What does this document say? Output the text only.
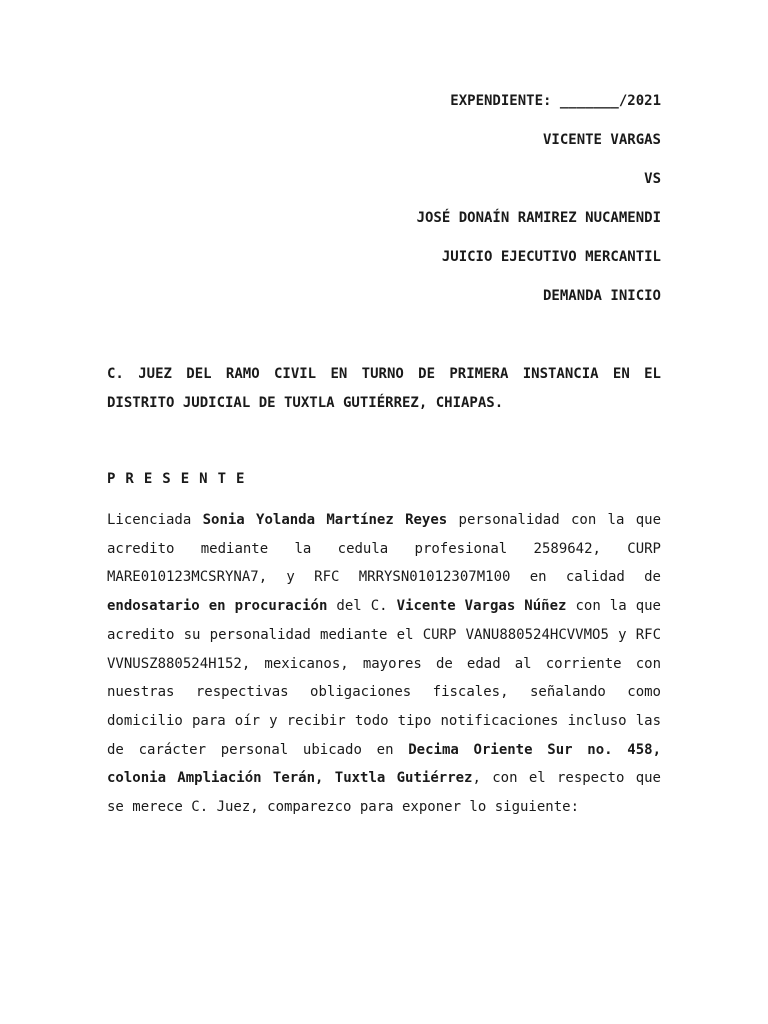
EXPENDIENTE: _______/2021
VICENTE VARGAS
VS
JOSÉ DONAÍN RAMIREZ NUCAMENDI
JUICIO EJECUTIVO MERCANTIL
DEMANDA INICIO
C. JUEZ DEL RAMO CIVIL EN TURNO DE PRIMERA INSTANCIA EN EL DISTRITO JUDICIAL DE TUXTLA GUTIÉRREZ, CHIAPAS.
PRESENTE
Licenciada Sonia Yolanda Martínez Reyes personalidad con la que acredito mediante la cedula profesional 2589642, CURP MARE010123MCSRYNA7, y RFC MRRYSN01012307M100 en calidad de endosatario en procuración del C. Vicente Vargas Núñez con la que acredito su personalidad mediante el CURP VANU880524HCVVMO5 y RFC VVNUSZ880524H152, mexicanos, mayores de edad al corriente con nuestras respectivas obligaciones fiscales, señalando como domicilio para oír y recibir todo tipo notificaciones incluso las de carácter personal ubicado en Decima Oriente Sur no. 458, colonia Ampliación Terán, Tuxtla Gutiérrez, con el respecto que se merece C. Juez, comparezco para exponer lo siguiente:
